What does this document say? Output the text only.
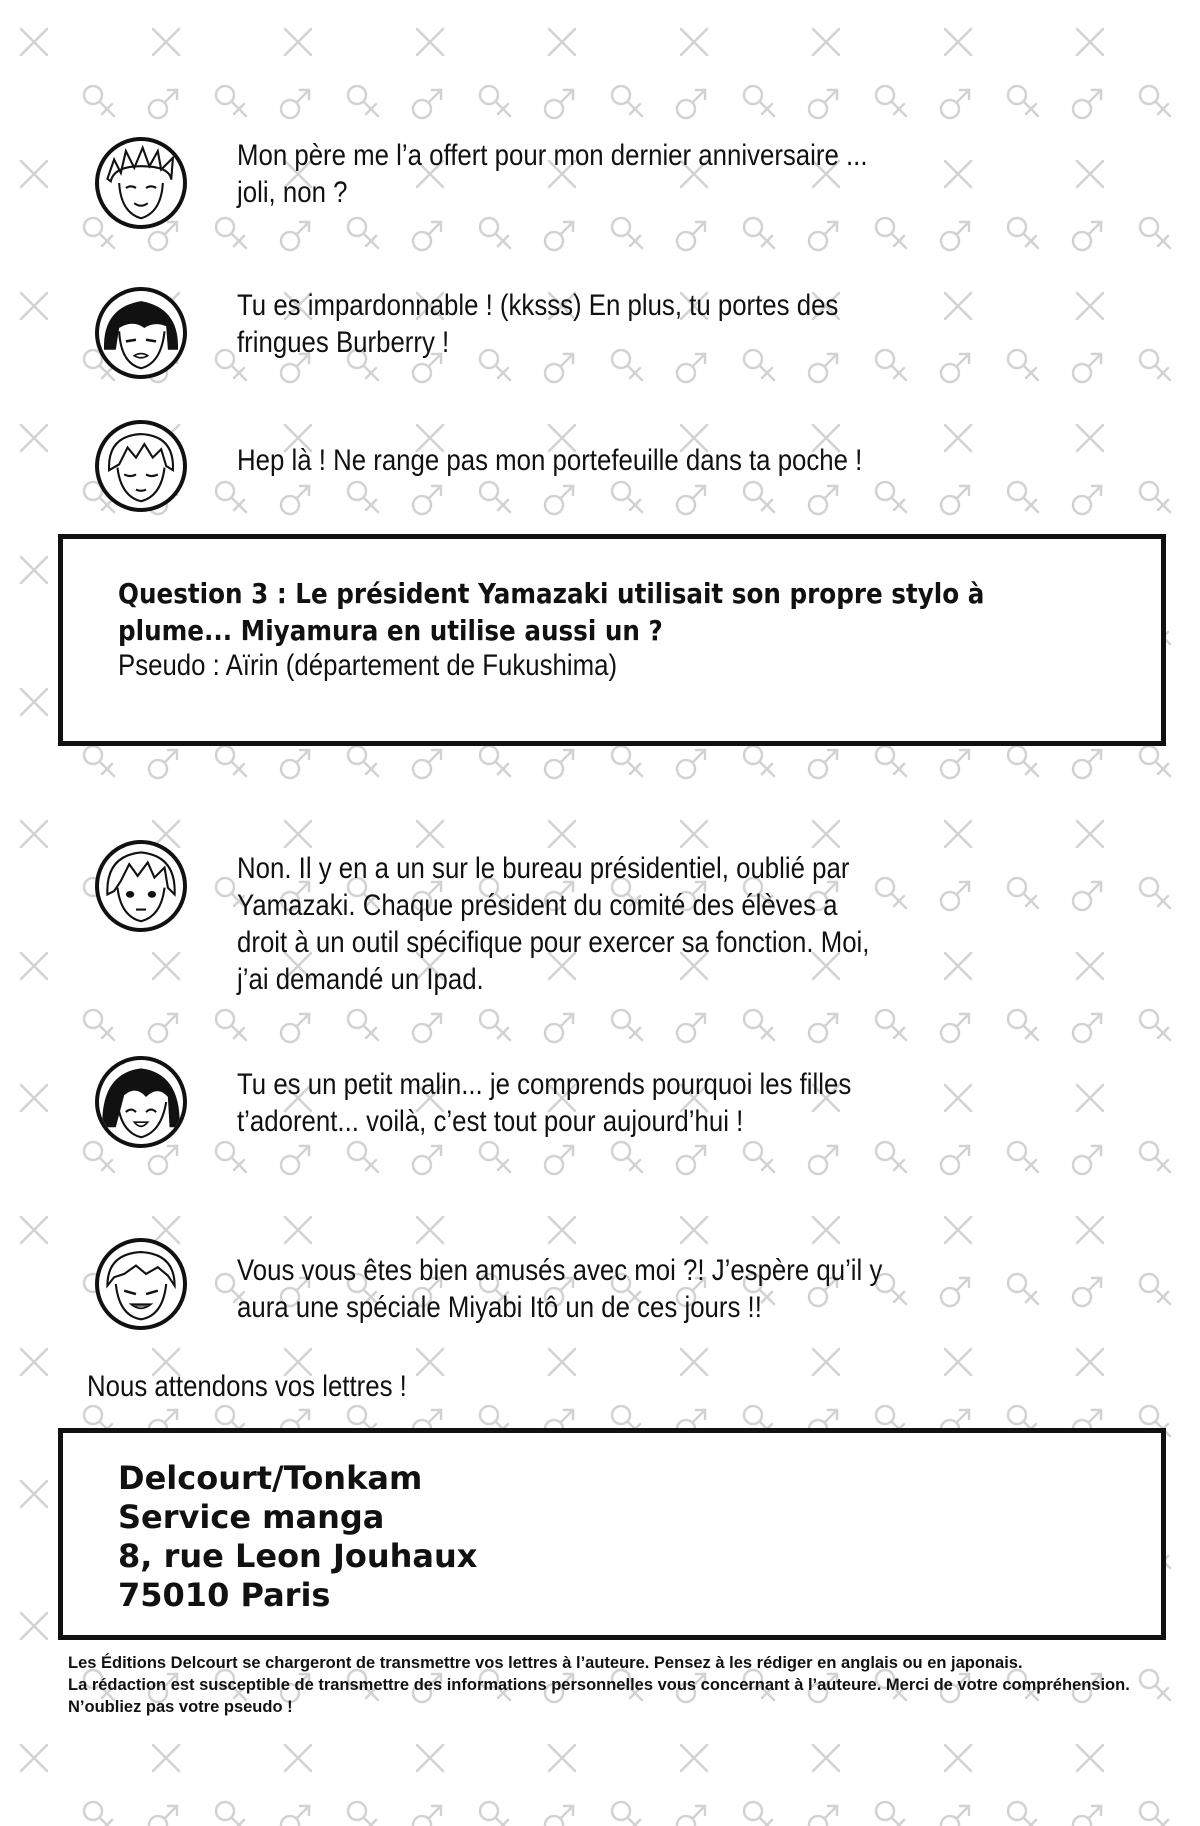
Mon père me l’a offert pour mon dernier anniversaire ...
joli, non ?
Tu es impardonnable ! (kksss) En plus, tu portes des
fringues Burberry !
Hep là ! Ne range pas mon portefeuille dans ta poche !
Question 3 : Le président Yamazaki utilisait son propre stylo à
plume... Miyamura en utilise aussi un ?
Pseudo : Aïrin (département de Fukushima)
Non. Il y en a un sur le bureau présidentiel, oublié par
Yamazaki. Chaque président du comité des élèves a
droit à un outil spécifique pour exercer sa fonction. Moi,
j’ai demandé un Ipad.
Tu es un petit malin... je comprends pourquoi les filles
t’adorent... voilà, c’est tout pour aujourd’hui !
Vous vous êtes bien amusés avec moi ?! J’espère qu’il y
aura une spéciale Miyabi Itô un de ces jours !!
Nous attendons vos lettres !
Delcourt/Tonkam
Service manga
8, rue Leon Jouhaux
75010 Paris

Les Éditions Delcourt se chargeront de transmettre vos lettres à l’auteure. Pensez à les rédiger en anglais ou en japonais.

La rédaction est susceptible de transmettre des informations personnelles vous concernant à l’auteure. Merci de votre compréhension. N’oubliez pas votre pseudo !
